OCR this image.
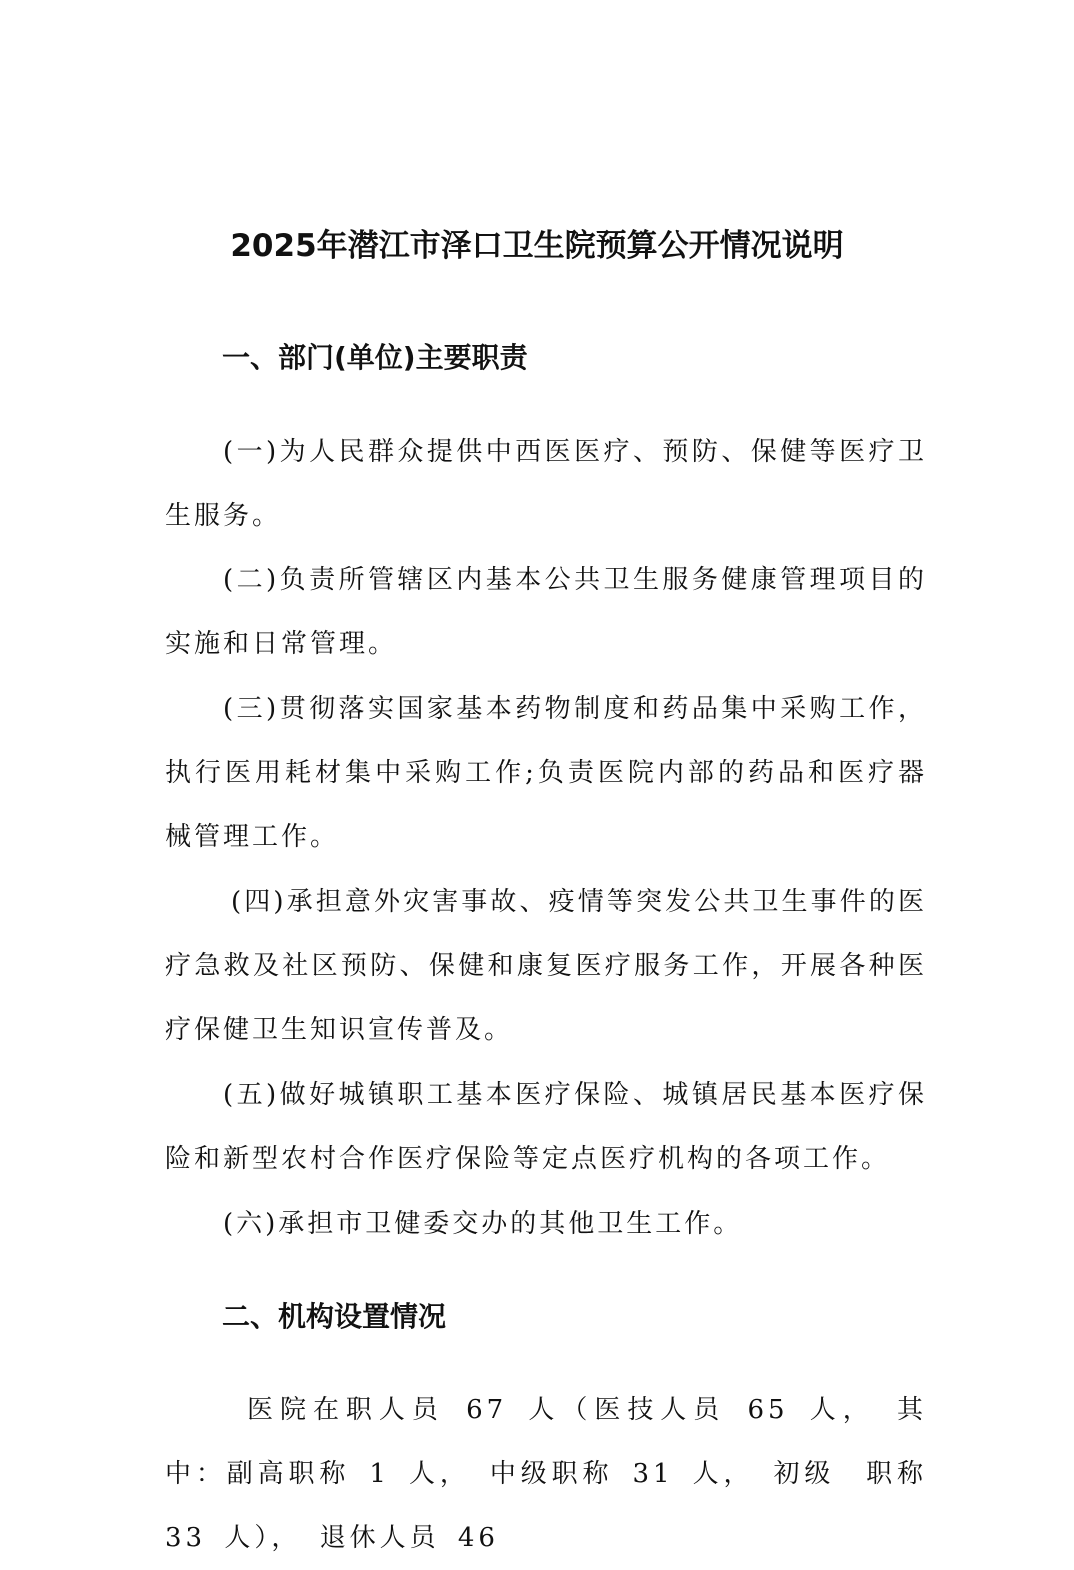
2025年潜江市泽口卫生院预算公开情况说明
一、部门(单位)主要职责

(一)为人民群众提供中西医医疗、预防、保健等医疗卫生服务。

(二)负责所管辖区内基本公共卫生服务健康管理项目的实施和日常管理。

(三)贯彻落实国家基本药物制度和药品集中采购工作，执行医用耗材集中采购工作;负责医院内部的药品和医疗器械管理工作。

(四)承担意外灾害事故、疫情等突发公共卫生事件的医疗急救及社区预防、保健和康复医疗服务工作，开展各种医疗保健卫生知识宣传普及。

(五)做好城镇职工基本医疗保险、城镇居民基本医疗保险和新型农村合作医疗保险等定点医疗机构的各项工作。

(六)承担市卫健委交办的其他卫生工作。

二、机构设置情况

医院在职人员 67 人（医技人员 65 人， 其中：副高职称 1 人， 中级职称 31 人， 初级　职称 33 人）， 退休人员 46
